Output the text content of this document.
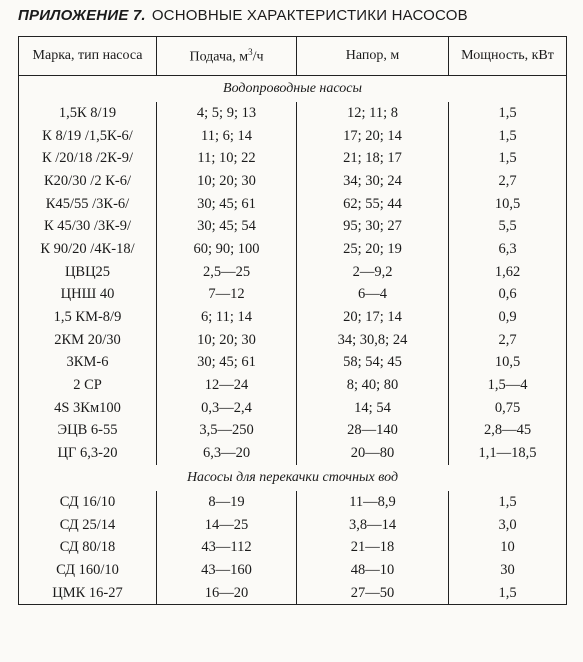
ПРИЛОЖЕНИЕ 7. ОСНОВНЫЕ ХАРАКТЕРИСТИКИ НАСОСОВ
Марка, тип насоса	Подача, $м^3/ч$	Напор, м	Мощность, кВт
Водопроводные насосы			
1,5К 8/19	4; 5; 9; 13	12; 11; 8	1,5
К 8/19 /1,5К-6/	11; 6; 14	17; 20; 14	1,5
К /20/18 /2К-9/	11; 10; 22	21; 18; 17	1,5
К20/30 /2 К-6/	10; 20; 30	34; 30; 24	2,7
К45/55 /3К-6/	30; 45; 61	62; 55; 44	10,5
К 45/30 /3К-9/	30; 45; 54	95; 30; 27	5,5
К 90/20 /4К-18/	60; 90; 100	25; 20; 19	6,3
ЦВЦ25	2,5—25	2—9,2	1,62
ЦНШ 40	7—12	6—4	0,6
1,5 КМ-8/9	6; 11; 14	20; 17; 14	0,9
2КМ 20/30	10; 20; 30	34; 30,8; 24	2,7
3КМ-6	30; 45; 61	58; 54; 45	10,5
2 СР	12—24	8; 40; 80	1,5—4
4S 3Км100	0,3—2,4	14; 54	0,75
ЭЦВ 6-55	3,5—250	28—140	2,8—45
ЦГ 6,3-20	6,3—20	20—80	1,1—18,5
Насосы для перекачки сточных вод			
СД 16/10	8—19	11—8,9	1,5
СД 25/14	14—25	3,8—14	3,0
СД 80/18	43—112	21—18	10
СД 160/10	43—160	48—10	30
ЦМК 16-27	16—20	27—50	1,5
